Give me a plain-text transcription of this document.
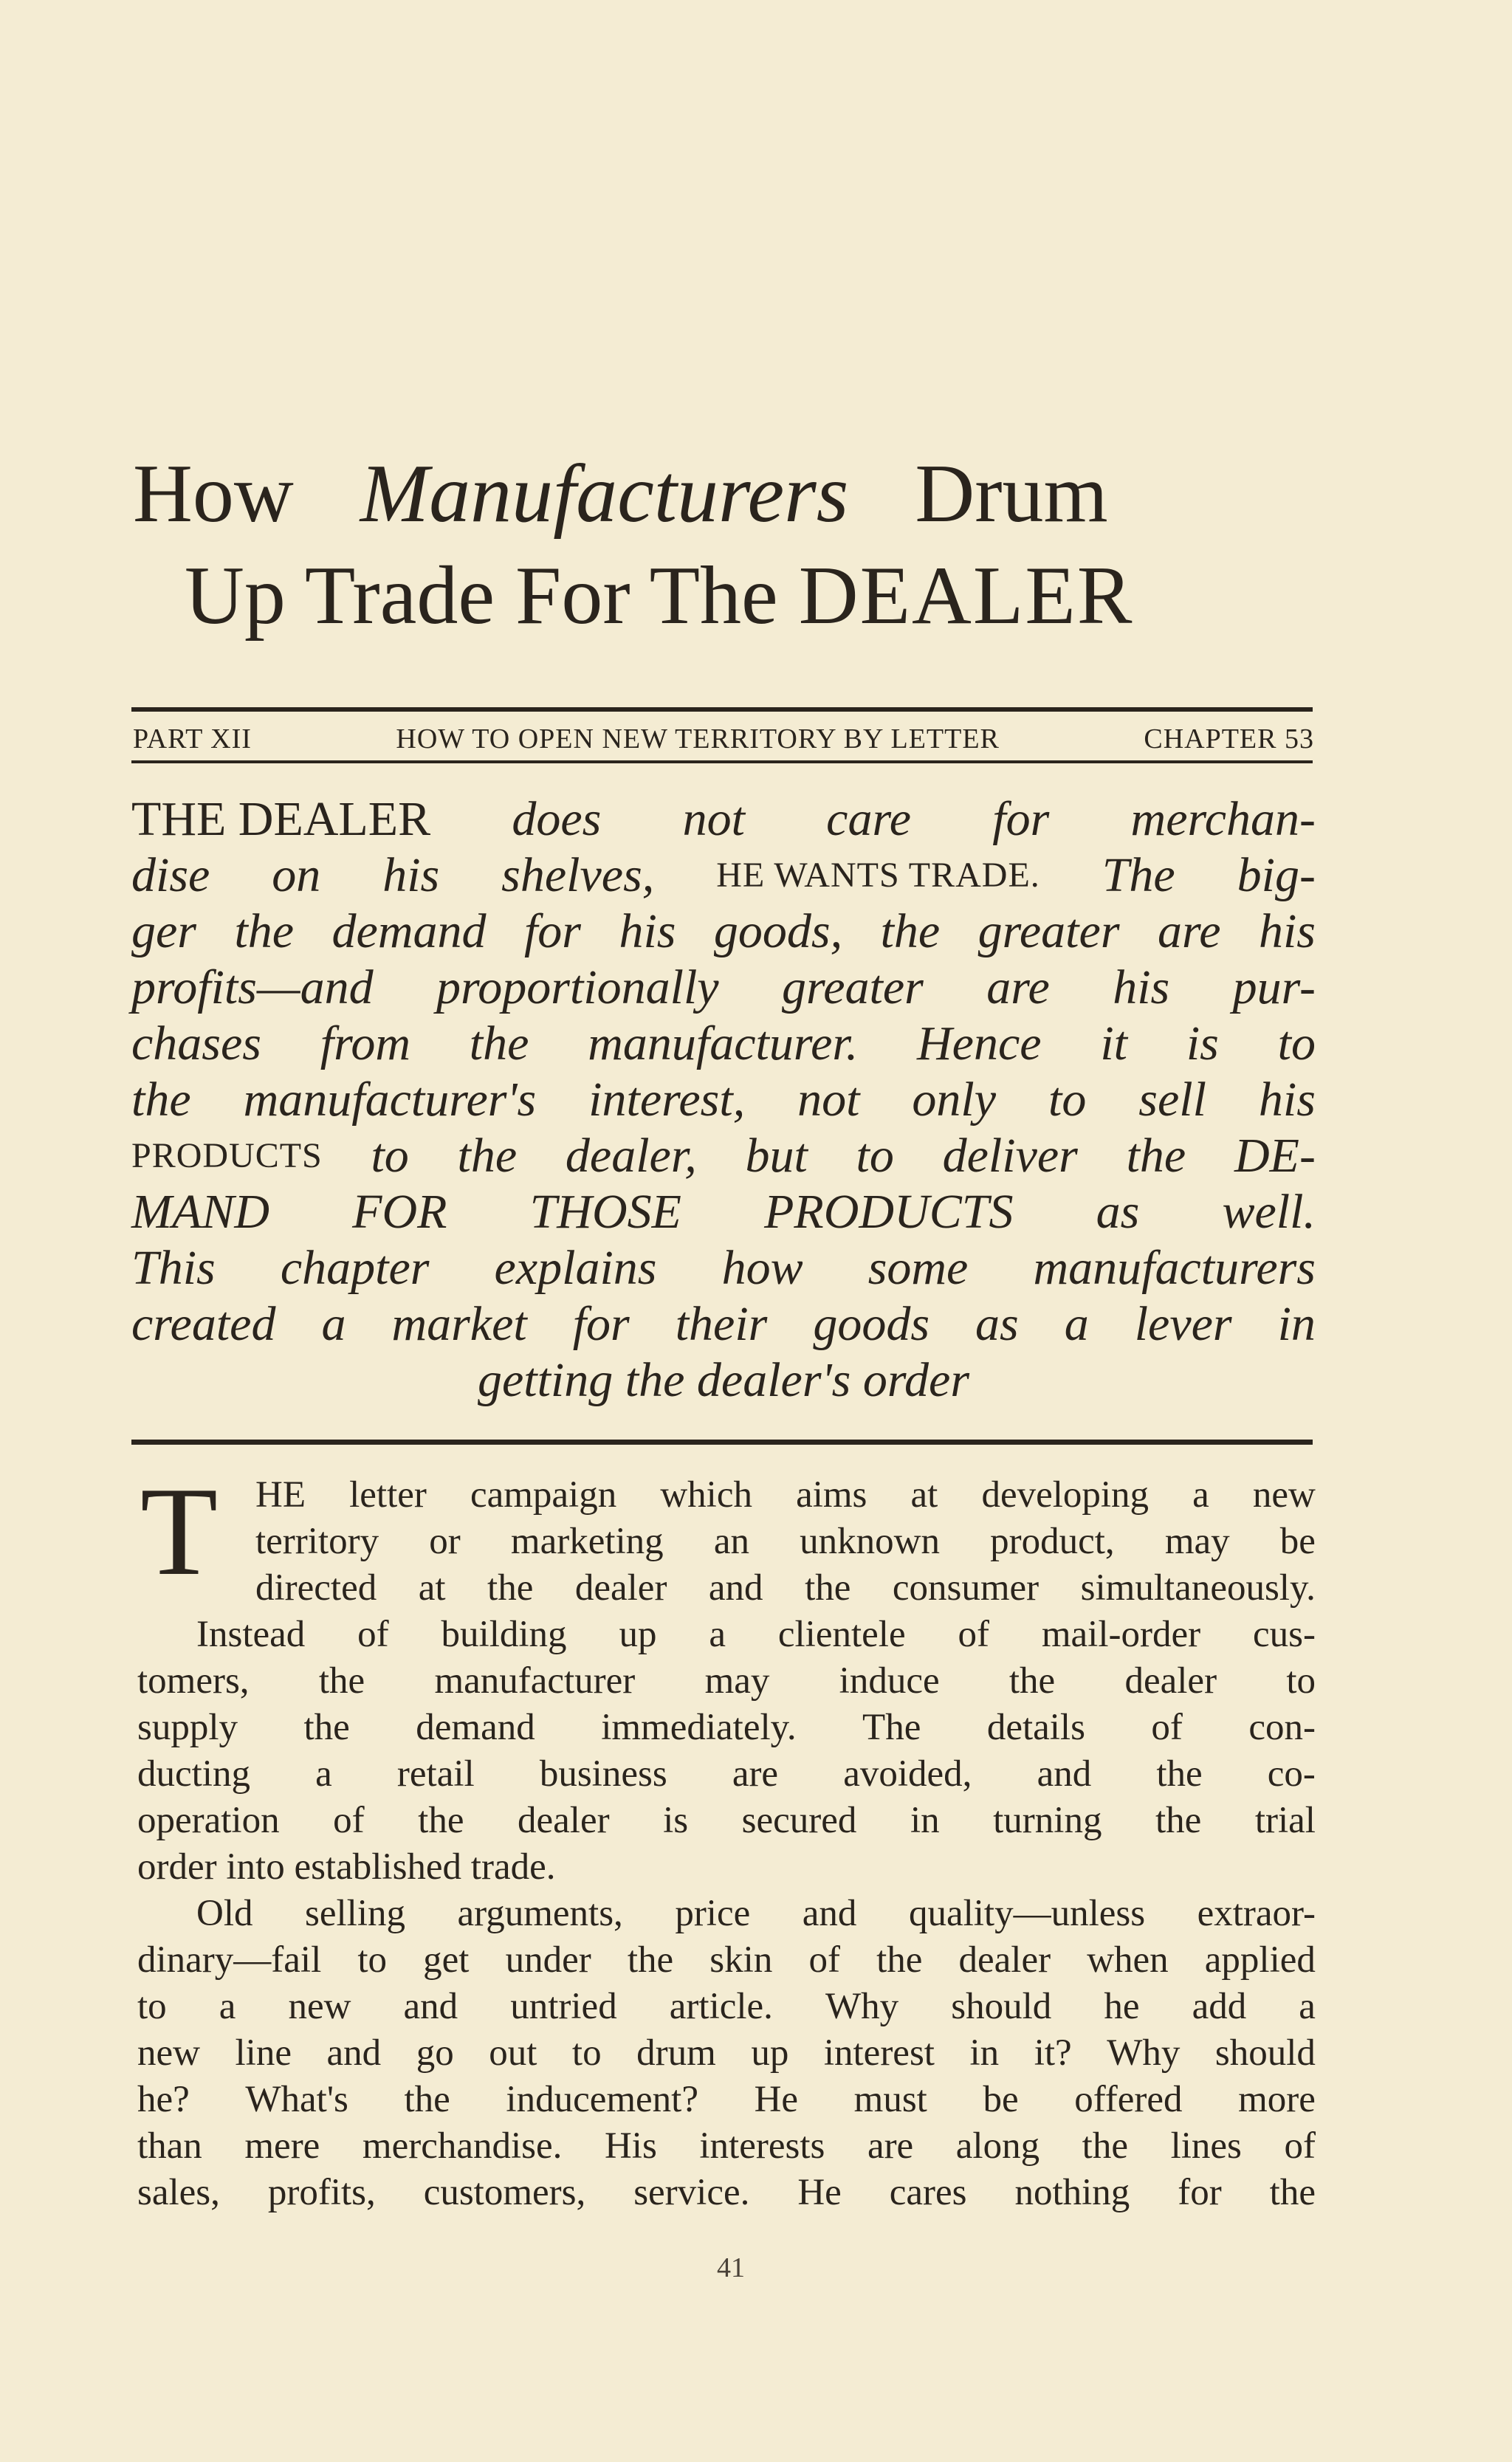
How Manufacturers Drum
Up Trade For The DEALER
PART XII	HOW TO OPEN NEW TERRITORY BY LETTER	CHAPTER 53
THE DEALER does not care for merchan-
dise on his shelves, HE WANTS TRADE. The big-
ger the demand for his goods, the greater are his
profits—and proportionally greater are his pur-
chases from the manufacturer. Hence it is to
the manufacturer's interest, not only to sell his
PRODUCTS to the dealer, but to deliver the DE-
MAND FOR THOSE PRODUCTS as well.
This chapter explains how some manufacturers
created a market for their goods as a lever in
getting the dealer's order
T HE letter campaign which aims at developing a new
territory or marketing an unknown product, may be
directed at the dealer and the consumer simultaneously.
Instead of building up a clientele of mail-order cus-
tomers, the manufacturer may induce the dealer to
supply the demand immediately. The details of con-
ducting a retail business are avoided, and the co-
operation of the dealer is secured in turning the trial
order into established trade.
Old selling arguments, price and quality—unless extraor-
dinary—fail to get under the skin of the dealer when applied
to a new and untried article. Why should he add a
new line and go out to drum up interest in it? Why should
he? What's the inducement? He must be offered more
than mere merchandise. His interests are along the lines of
sales, profits, customers, service. He cares nothing for the
41
